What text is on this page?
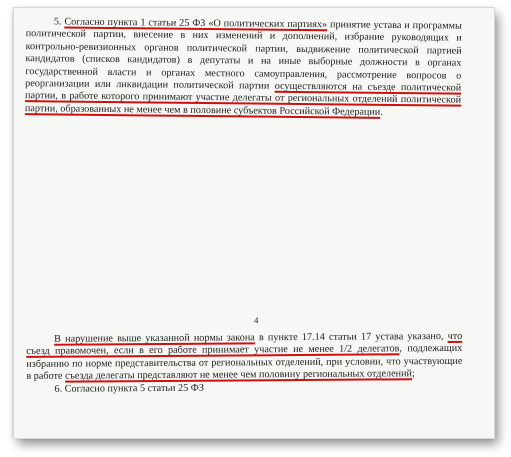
5. Согласно пункта 1 статьи 25 ФЗ «О политических партиях» принятие устава и программы политической партии, внесение в них изменений и дополнений, избрание руководящих и контрольно-ревизионных органов политической партии, выдвижение политической партией кандидатов (списков кандидатов) в депутаты и на иные выборные должности в органах государственной власти и органах местного самоуправления, рассмотрение вопросов о реорганизации или ликвидации политической партии осуществляются на съезде политической партии, в работе которого принимают участие делегаты от региональных отделений политической партии, образованных не менее чем в половине субъектов Российской Федерации.
4
В нарушение выше указанной нормы закона в пункте 17.14 статьи 17 устава указано, что съезд правомочен, если в его работе принимает участие не менее 1/2 делегатов, подлежащих избранию по норме представительства от региональных отделений, при условии, что участвующие в работе съезда делегаты представляют не менее чем половину региональных отделений;
6. Согласно пункта 5 статьи 25 ФЗ
